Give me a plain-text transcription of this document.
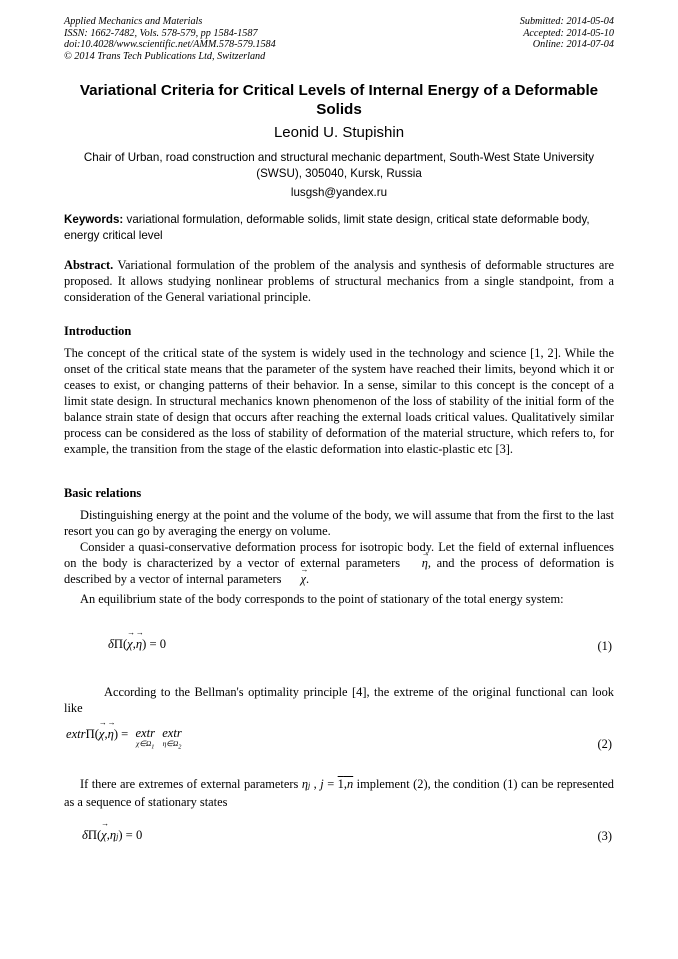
Applied Mechanics and Materials
ISSN: 1662-7482, Vols. 578-579, pp 1584-1587
doi:10.4028/www.scientific.net/AMM.578-579.1584
© 2014 Trans Tech Publications Ltd, Switzerland
Submitted: 2014-05-04
Accepted: 2014-05-10
Online: 2014-07-04
Variational Criteria for Critical Levels of Internal Energy of a Deformable Solids
Leonid U. Stupishin
Chair of Urban, road construction and structural mechanic department, South-West State University (SWSU), 305040, Kursk, Russia
lusgsh@yandex.ru
Keywords: variational formulation, deformable solids, limit state design, critical state deformable body, energy critical level
Abstract. Variational formulation of the problem of the analysis and synthesis of deformable structures are proposed. It allows studying nonlinear problems of structural mechanics from a single standpoint, from a consideration of the General variational principle.
Introduction
The concept of the critical state of the system is widely used in the technology and science [1, 2]. While the onset of the critical state means that the parameter of the system have reached their limits, beyond which it or ceases to exist, or changing patterns of their behavior. In a sense, similar to this concept is the concept of a limit state design. In structural mechanics known phenomenon of the loss of stability of the initial form of the balance strain state of design that occurs after reaching the external loads critical values. Qualitatively similar process can be considered as the loss of stability of deformation of the material structure, which refers to, for example, the transition from the stage of the elastic deformation into elastic-plastic etc [3].
Basic relations
Distinguishing energy at the point and the volume of the body, we will assume that from the first to the last resort you can go by averaging the energy on volume.
Consider a quasi-conservative deformation process for isotropic body. Let the field of external influences on the body is characterized by a vector of external parameters η →, and the process of deformation is described by a vector of internal parameters χ →.
An equilibrium state of the body corresponds to the point of stationary of the total energy system:
δΠ(χ →,η →) = 0	(1)
According to the Bellman's optimality principle [4], the extreme of the original functional can look like
extrΠ(χ →,η →) = extr
$\chi\in\Omega_1$

extr
$\eta\in\Omega_2$	(2)
If there are extremes of external parameters ηj , j = 1,n implement (2), the condition (1) can be represented as a sequence of stationary states
δΠ(χ →,ηj) = 0	(3)
